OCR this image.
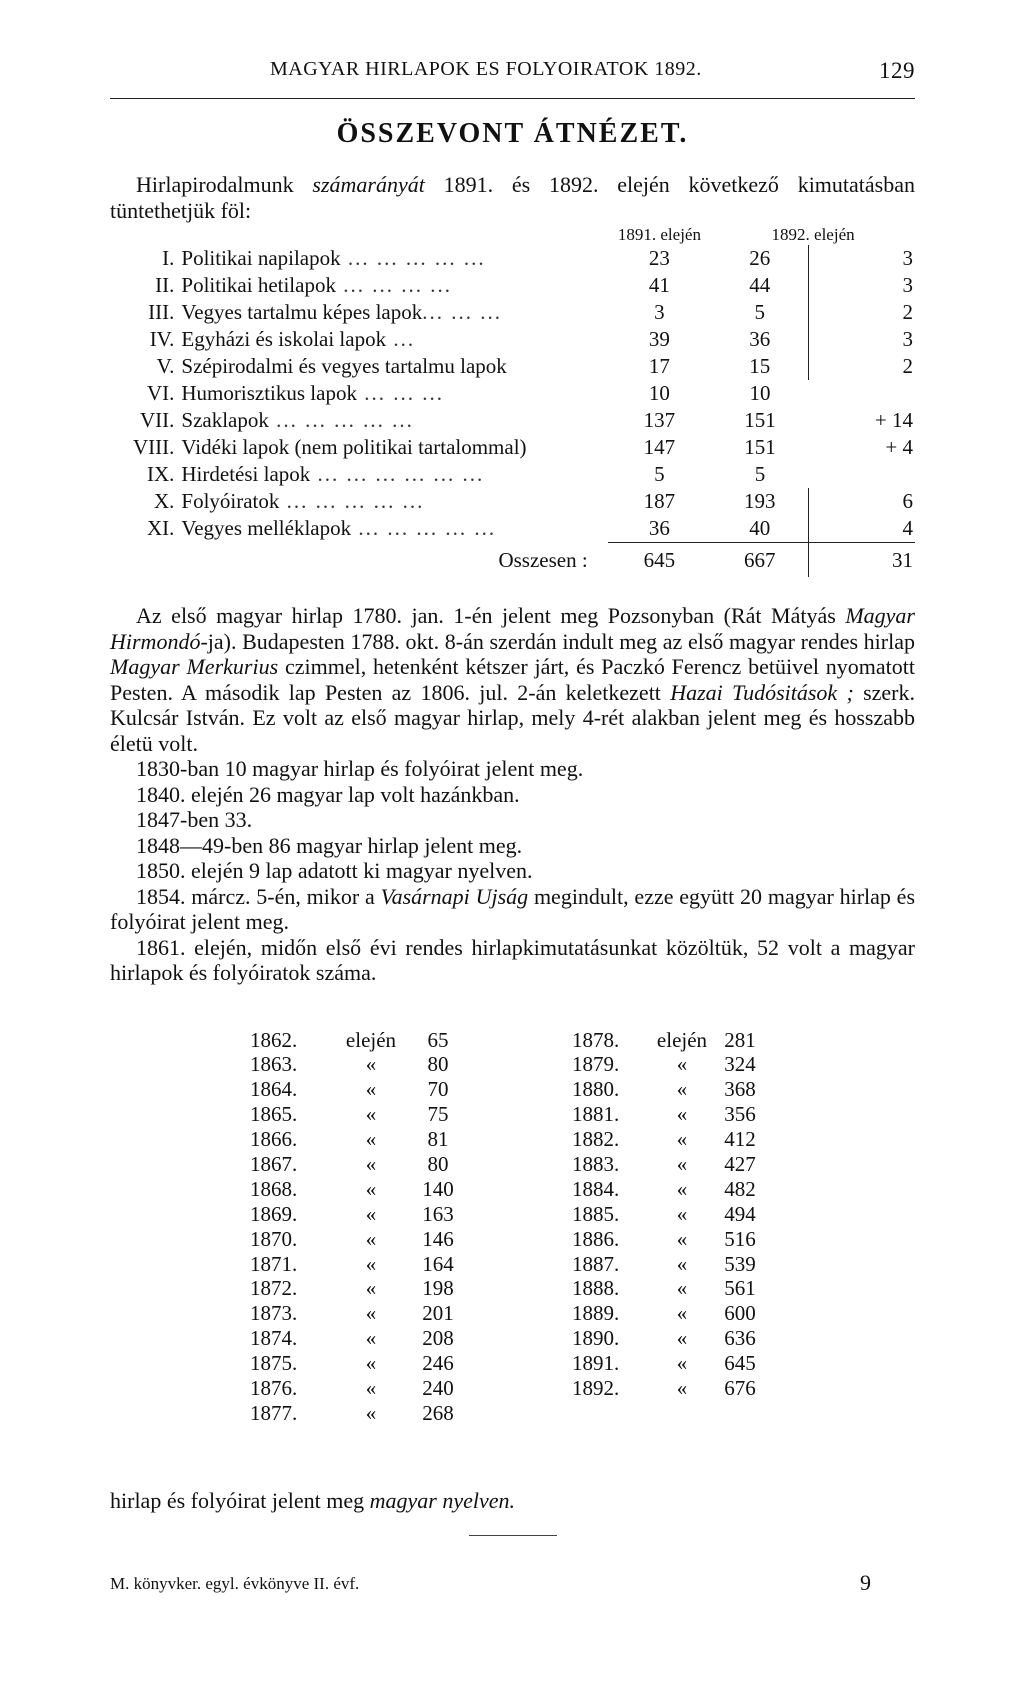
MAGYAR HIRLAPOK ES FOLYOIRATOK 1892.	129
ÖSSZEVONT ÁTNÉZET.

Hirlapirodalmunk számarányát 1891. és 1892. elején következő kimutatásban tüntethetjük föl:

		1891. elején	1892. elején	
I.	Politikai napilapok ... ... ... ... ...	23	26	3
II.	Politikai hetilapok ... ... ... ...	41	44	3
III.	Vegyes tartalmu képes lapok... ... ...	3	5	2
IV.	Egyházi és iskolai lapok ...	39	36	3
V.	Szépirodalmi és vegyes tartalmu lapok	17	15	2
VI.	Humorisztikus lapok ... ... ...	10	10	
VII.	Szaklapok ... ... ... ... ...	137	151	+ 14
VIII.	Vidéki lapok (nem politikai tartalommal)	147	151	+ 4
IX.	Hirdetési lapok ... ... ... ... ... ...	5	5	
X.	Folyóiratok ... ... ... ... ...	187	193	6
XI.	Vegyes melléklapok ... ... ... ... ...	36	40	4
	Osszesen :	645	667	31

Az első magyar hirlap 1780. jan. 1-én jelent meg Pozsonyban (Rát Mátyás Magyar Hirmondó-ja). Budapesten 1788. okt. 8-án szerdán indult meg az első magyar rendes hirlap Magyar Merkurius czimmel, hetenként kétszer járt, és Paczkó Ferencz betüivel nyomatott Pesten. A második lap Pesten az 1806. jul. 2-án keletkezett Hazai Tudósitások ; szerk. Kulcsár István. Ez volt az első magyar hirlap, mely 4-rét alakban jelent meg és hosszabb életü volt.

1830-ban 10 magyar hirlap és folyóirat jelent meg.

1840. elején 26 magyar lap volt hazánkban.

1847-ben 33.

1848—49-ben 86 magyar hirlap jelent meg.

1850. elején 9 lap adatott ki magyar nyelven.

1854. márcz. 5-én, mikor a Vasárnapi Ujság megindult, ezze együtt 20 magyar hirlap és folyóirat jelent meg.

1861. elején, midőn első évi rendes hirlapkimutatásunkat közöltük, 52 volt a magyar hirlapok és folyóiratok száma.

1862. elején 65
1863.	« 80
1864.	« 70
1865.	« 75
1866.	« 81
1867.	« 80
1868.	« 140
1869.	« 163
1870.	« 146
1871.	« 164
1872.	« 198
1873.	« 201
1874.	« 208
1875.	« 246
1876.	« 240
1877.	« 268
1878. elején 281
1879.	« 324
1880.	« 368
1881.	« 356
1882.	« 412
1883.	« 427
1884.	« 482
1885.	« 494
1886.	« 516
1887.	« 539
1888.	« 561
1889.	« 600
1890.	« 636
1891.	« 645
1892.	« 676

hirlap és folyóirat jelent meg magyar nyelven.

M. könyvker. egyl. évkönyve II. évf.	9
